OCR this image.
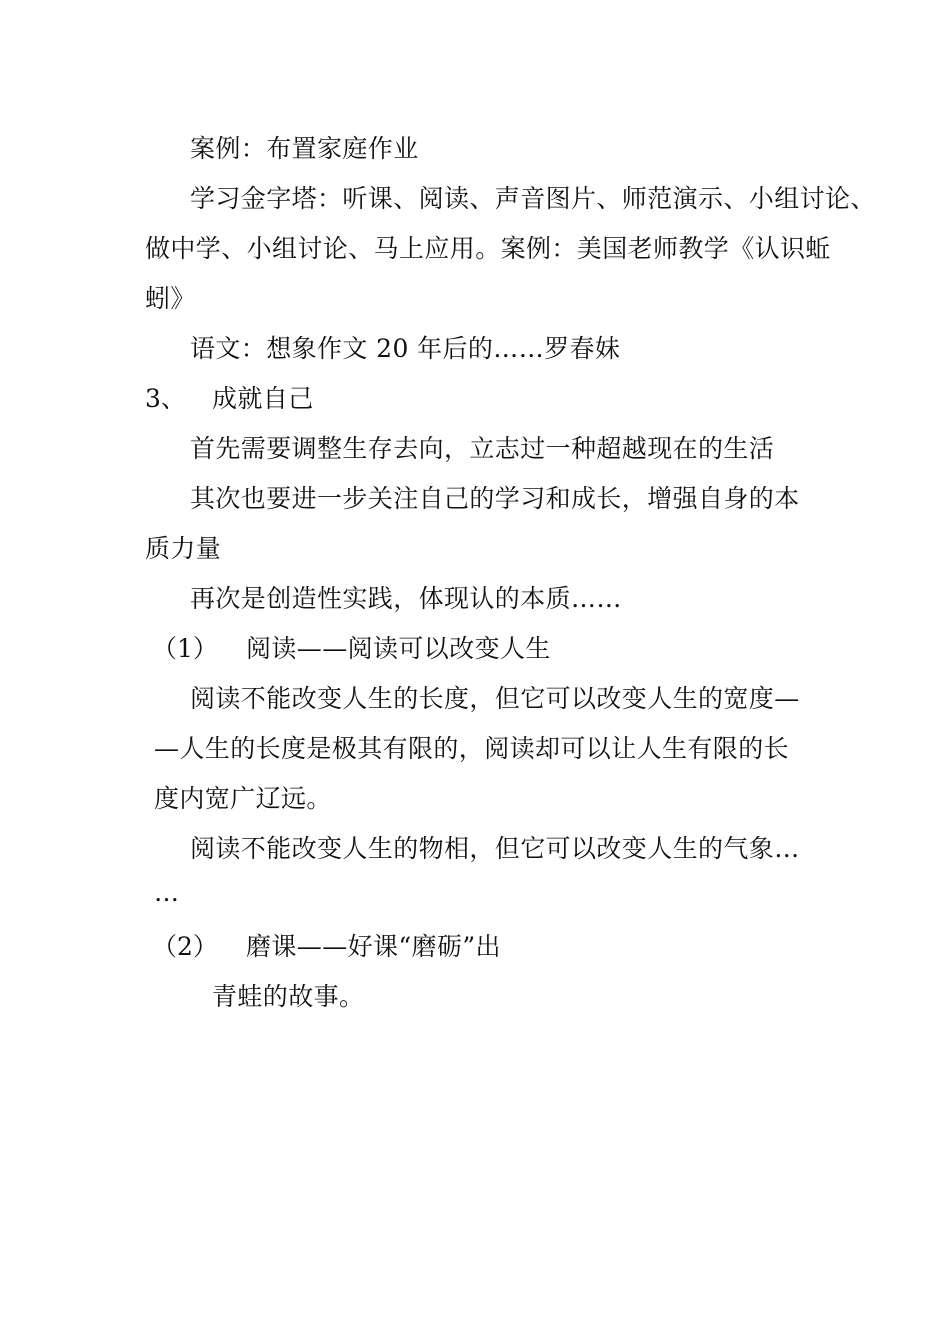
案例：布置家庭作业
学习金字塔：听课、阅读、声音图片、师范演示、小组讨论、
做中学、小组讨论、马上应用。案例：美国老师教学《认识蚯
蚓》
语文：想象作文 20 年后的……罗春妹
3、 成就自己
首先需要调整生存去向，立志过一种超越现在的生活
其次也要进一步关注自己的学习和成长，增强自身的本
质力量
再次是创造性实践，体现认的本质……
（1） 阅读——阅读可以改变人生
阅读不能改变人生的长度，但它可以改变人生的宽度—
—人生的长度是极其有限的，阅读却可以让人生有限的长
度内宽广辽远。
阅读不能改变人生的物相，但它可以改变人生的气象…
…
（2） 磨课——好课“磨砺”出
青蛙的故事。
